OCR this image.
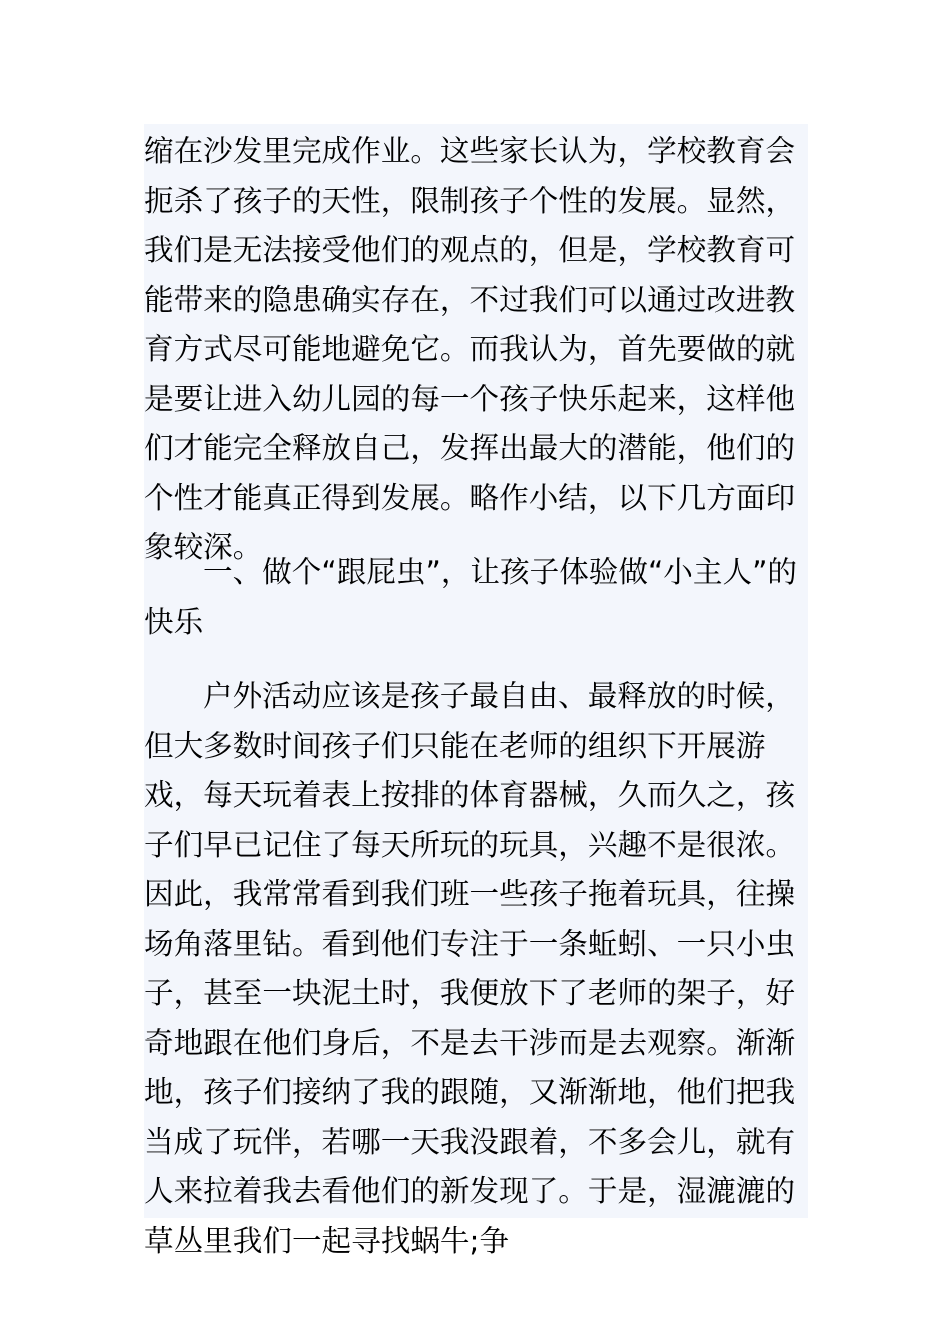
缩在沙发里完成作业。这些家长认为，学校教育会扼杀了孩子的天性，限制孩子个性的发展。显然，我们是无法接受他们的观点的，但是，学校教育可能带来的隐患确实存在，不过我们可以通过改进教育方式尽可能地避免它。而我认为，首先要做的就是要让进入幼儿园的每一个孩子快乐起来，这样他们才能完全释放自己，发挥出最大的潜能，他们的个性才能真正得到发展。略作小结，以下几方面印象较深。

一、做个“跟屁虫”，让孩子体验做“小主人”的快乐

户外活动应该是孩子最自由、最释放的时候，但大多数时间孩子们只能在老师的组织下开展游戏，每天玩着表上按排的体育器械，久而久之，孩子们早已记住了每天所玩的玩具，兴趣不是很浓。因此，我常常看到我们班一些孩子拖着玩具，往操场角落里钻。看到他们专注于一条蚯蚓、一只小虫子，甚至一块泥土时，我便放下了老师的架子，好奇地跟在他们身后，不是去干涉而是去观察。渐渐地，孩子们接纳了我的跟随，又渐渐地，他们把我当成了玩伴，若哪一天我没跟着，不多会儿，就有人来拉着我去看他们的新发现了。于是，湿漉漉的草丛里我们一起寻找蜗牛;争
